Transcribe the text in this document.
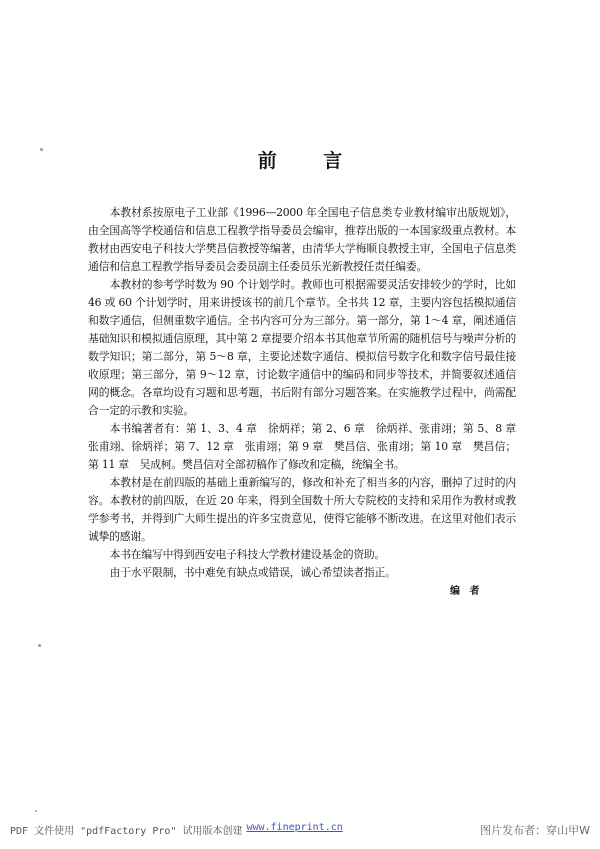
前 言

本教材系按原电子工业部《1996—2000 年全国电子信息类专业教材编审出版规划》，由全国高等学校通信和信息工程教学指导委员会编审，推荐出版的一本国家级重点教材。本教材由西安电子科技大学樊昌信教授等编著，由清华大学梅顺良教授主审，全国电子信息类通信和信息工程教学指导委员会委员副主任委员乐光新教授任责任编委。

本教材的参考学时数为 90 个计划学时。教师也可根据需要灵活安排较少的学时，比如 46 或 60 个计划学时，用来讲授该书的前几个章节。全书共 12 章，主要内容包括模拟通信和数字通信，但侧重数字通信。全书内容可分为三部分。第一部分，第 1～4 章，阐述通信基础知识和模拟通信原理，其中第 2 章提要介绍本书其他章节所需的随机信号与噪声分析的数学知识；第二部分，第 5～8 章，主要论述数字通信、模拟信号数字化和数字信号最佳接收原理；第三部分，第 9～12 章，讨论数字通信中的编码和同步等技术，并简要叙述通信网的概念。各章均设有习题和思考题，书后附有部分习题答案。在实施教学过程中，尚需配合一定的示教和实验。

本书编著者有：第 1、3、4 章　徐炳祥；第 2、6 章　徐炳祥、张甫翊；第 5、8 章　张甫翊、徐炳祥；第 7、12 章　张甫翊；第 9 章　樊昌信、张甫翊；第 10 章　樊昌信；第 11 章　吴成柯。樊昌信对全部初稿作了修改和定稿，统编全书。

本教材是在前四版的基础上重新编写的，修改和补充了相当多的内容，删掉了过时的内容。本教材的前四版，在近 20 年来，得到全国数十所大专院校的支持和采用作为教材或教学参考书，并得到广大师生提出的许多宝贵意见，使得它能够不断改进。在这里对他们表示诚挚的感谢。

本书在编写中得到西安电子科技大学教材建设基金的资助。

由于水平限制，书中难免有缺点或错误，诚心希望读者指正。

编 者
PDF 文件使用 "pdfFactory Pro" 试用版本创建 www.fineprint.cn	图片发布者：穿山甲W
